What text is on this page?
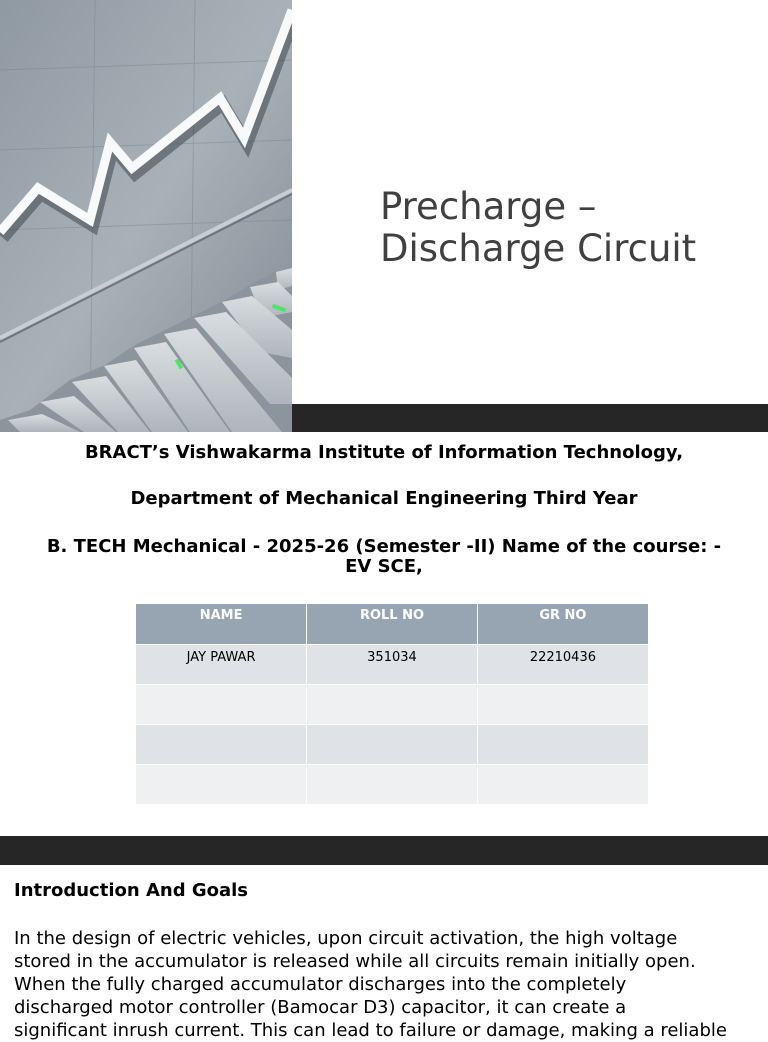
Precharge –
Discharge Circuit

BRACT’s Vishwakarma Institute of Information Technology,

Department of Mechanical Engineering Third Year

B. TECH Mechanical - 2025-26 (Semester -II) Name of the course: -
EV SCE,

NAME	ROLL NO	GR NO
JAY PAWAR	351034	22210436

Introduction And Goals

In the design of electric vehicles, upon circuit activation, the high voltage
stored in the accumulator is released while all circuits remain initially open.
When the fully charged accumulator discharges into the completely
discharged motor controller (Bamocar D3) capacitor, it can create a
significant inrush current. This can lead to failure or damage, making a reliable
